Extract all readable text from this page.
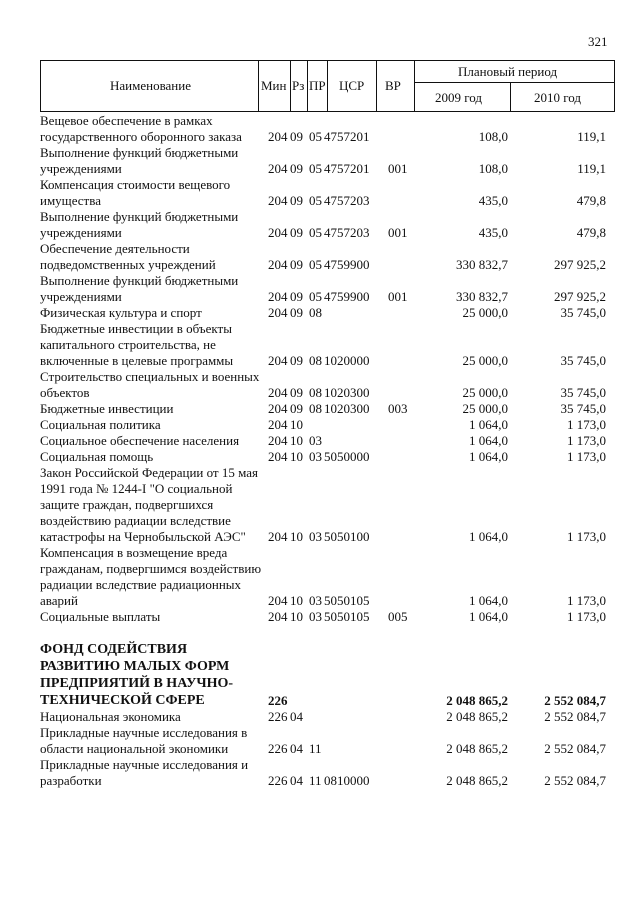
321
Наименование	Мин Рз ПР ЦСР ВР
Плановый период
2009 год	2010 год
Вещевое обеспечение в рамках государственного оборонного заказа	204 09 05 4757201	108,0	119,1
Выполнение функций бюджетными учреждениями	204 09 05 4757201 001	108,0	119,1
Компенсация стоимости вещевого имущества	204 09 05 4757203	435,0	479,8
Выполнение функций бюджетными учреждениями	204 09 05 4757203 001	435,0	479,8
Обеспечение деятельности подведомственных учреждений	204 09 05 4759900	330 832,7	297 925,2
Выполнение функций бюджетными учреждениями	204 09 05 4759900 001	330 832,7	297 925,2
Физическая культура и спорт	204 09 08	25 000,0	35 745,0
Бюджетные инвестиции в объекты капитального строительства, не включенные в целевые программы	204 09 08 1020000	25 000,0	35 745,0
Строительство специальных и военных объектов	204 09 08 1020300	25 000,0	35 745,0
Бюджетные инвестиции	204 09 08 1020300 003	25 000,0	35 745,0
Социальная политика	204 10	1 064,0	1 173,0
Социальное обеспечение населения	204 10 03	1 064,0	1 173,0
Социальная помощь	204 10 03 5050000	1 064,0	1 173,0
Закон Российской Федерации от 15 мая 1991 года № 1244-I "О социальной защите граждан, подвергшихся воздействию радиации вследствие катастрофы на Чернобыльской АЭС"	204 10 03 5050100	1 064,0	1 173,0
Компенсация в возмещение вреда гражданам, подвергшимся воздействию радиации вследствие радиационных аварий	204 10 03 5050105	1 064,0	1 173,0
Социальные выплаты	204 10 03 5050105 005	1 064,0	1 173,0
ФОНД СОДЕЙСТВИЯ РАЗВИТИЮ МАЛЫХ ФОРМ ПРЕДПРИЯТИЙ В НАУЧНО-ТЕХНИЧЕСКОЙ СФЕРЕ	226	2 048 865,2	2 552 084,7
Национальная экономика	226 04	2 048 865,2	2 552 084,7
Прикладные научные исследования в области национальной экономики	226 04 11	2 048 865,2	2 552 084,7
Прикладные научные исследования и разработки	226 04 11 0810000	2 048 865,2	2 552 084,7
